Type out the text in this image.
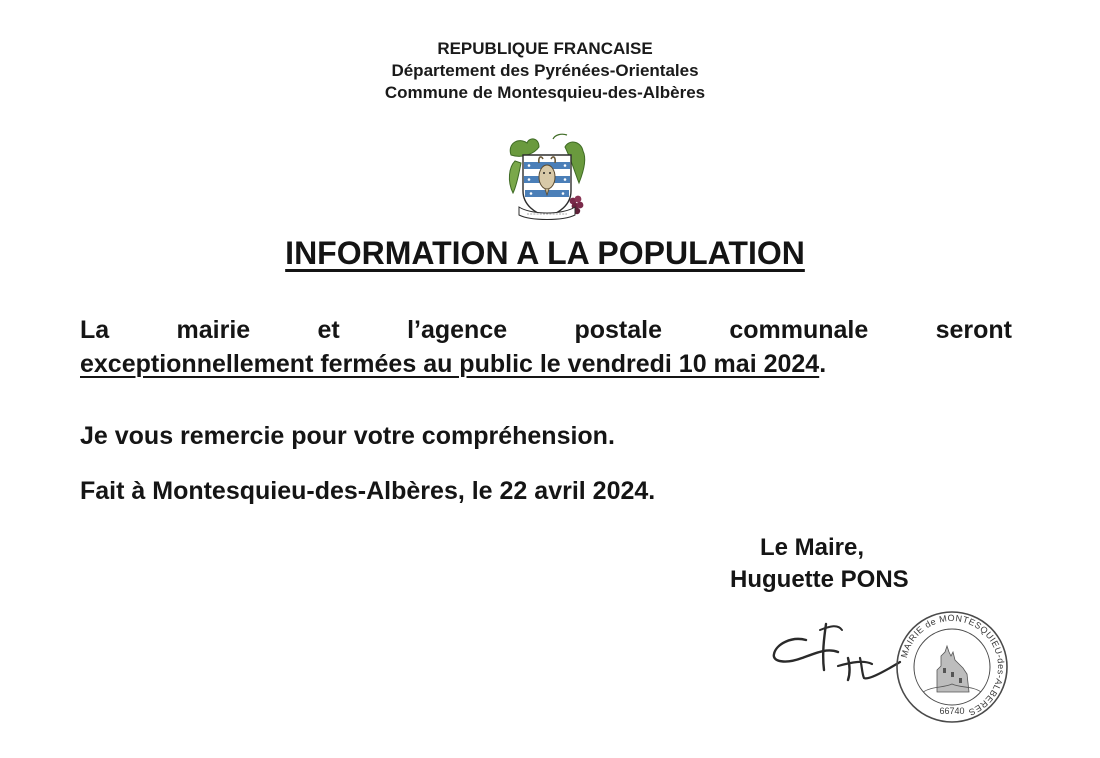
REPUBLIQUE FRANCAISE
Département des Pyrénées-Orientales
Commune de Montesquieu-des-Albères
INFORMATION A LA POPULATION
La	mairie	et	l’agence	postale	communale	seront
exceptionnellement fermées au public le vendredi 10 mai 2024.
Je vous remercie pour votre compréhension.
Fait à Montesquieu-des-Albères, le 22 avril 2024.
Le Maire,
Huguette PONS
MAIRIE de MONTESQUIEU-des-ALBERES
66740
